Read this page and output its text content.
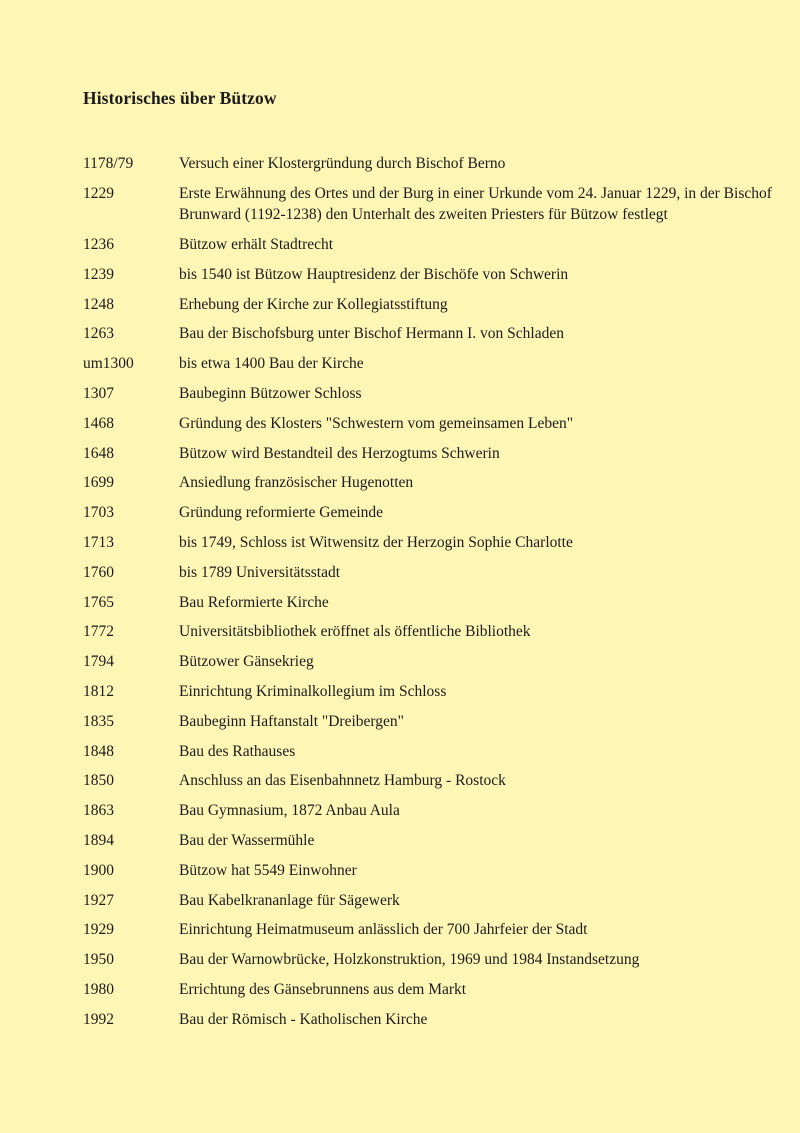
Historisches über Bützow
1178/79	Versuch einer Klostergründung durch Bischof Berno
1229	Erste Erwähnung des Ortes und der Burg in einer Urkunde vom 24. Januar 1229, in der Bischof Brunward (1192-1238) den Unterhalt des zweiten Priesters für Bützow festlegt
1236	Bützow erhält Stadtrecht
1239	bis 1540 ist Bützow Hauptresidenz der Bischöfe von Schwerin
1248	Erhebung der Kirche zur Kollegiatsstiftung
1263	Bau der Bischofsburg unter Bischof Hermann I. von Schladen
um1300	bis etwa 1400 Bau der Kirche
1307	Baubeginn Bützower Schloss
1468	Gründung des Klosters "Schwestern vom gemeinsamen Leben"
1648	Bützow wird Bestandteil des Herzogtums Schwerin
1699	Ansiedlung französischer Hugenotten
1703	Gründung reformierte Gemeinde
1713	bis 1749, Schloss ist Witwensitz der Herzogin Sophie Charlotte
1760	bis 1789 Universitätsstadt
1765	Bau Reformierte Kirche
1772	Universitätsbibliothek eröffnet als öffentliche Bibliothek
1794	Bützower Gänsekrieg
1812	Einrichtung Kriminalkollegium im Schloss
1835	Baubeginn Haftanstalt "Dreibergen"
1848	Bau des Rathauses
1850	Anschluss an das Eisenbahnnetz Hamburg - Rostock
1863	Bau Gymnasium, 1872 Anbau Aula
1894	Bau der Wassermühle
1900	Bützow hat 5549 Einwohner
1927	Bau Kabelkrananlage für Sägewerk
1929	Einrichtung Heimatmuseum anlässlich der 700 Jahrfeier der Stadt
1950	Bau der Warnowbrücke, Holzkonstruktion, 1969 und 1984 Instandsetzung
1980	Errichtung des Gänsebrunnens aus dem Markt
1992	Bau der Römisch - Katholischen Kirche
